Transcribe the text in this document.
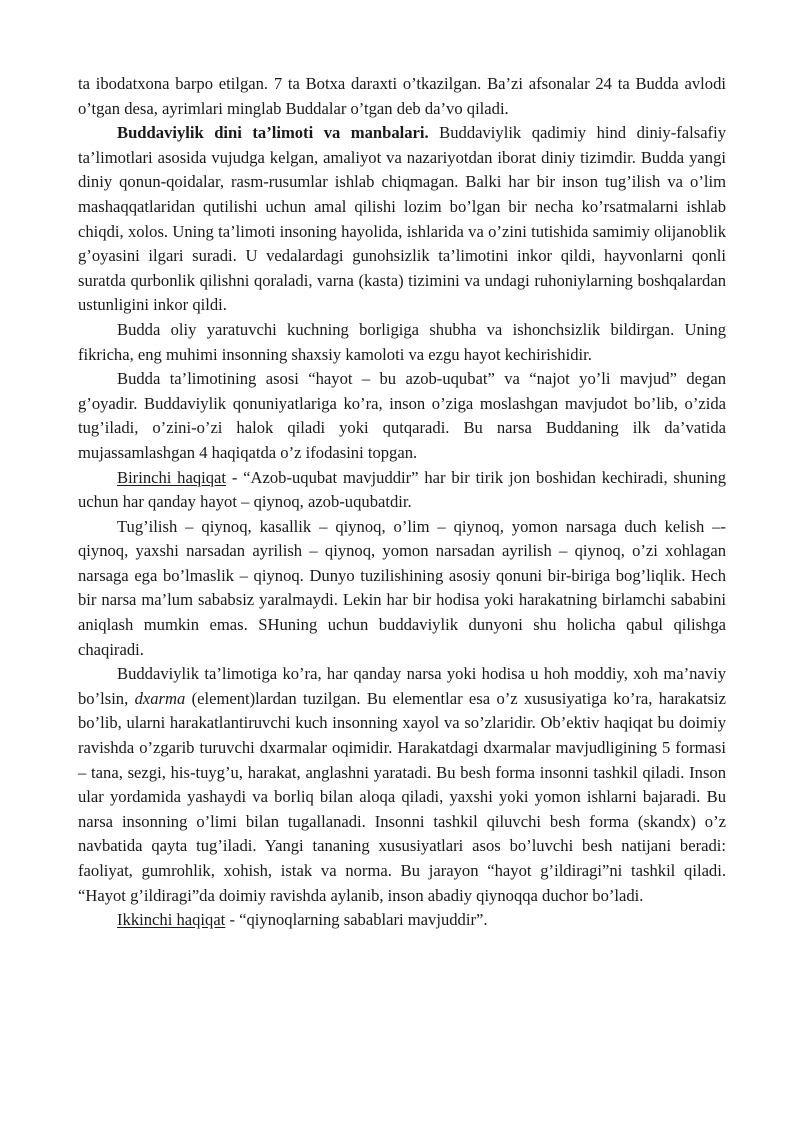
ta ibodatxona barpo etilgan. 7 ta Botxa daraxti o’tkazilgan. Ba’zi afsonalar 24 ta Budda avlodi o’tgan desa, ayrimlari minglab Buddalar o’tgan deb da’vo qiladi.

Buddaviylik dini ta’limoti va manbalari. Buddaviylik qadimiy hind diniy-falsafiy ta’limotlari asosida vujudga kelgan, amaliyot va nazariyotdan iborat diniy tizimdir. Budda yangi diniy qonun-qoidalar, rasm-rusumlar ishlab chiqmagan. Balki har bir inson tug’ilish va o’lim mashaqqatlaridan qutilishi uchun amal qilishi lozim bo’lgan bir necha ko’rsatmalarni ishlab chiqdi, xolos. Uning ta’limoti insoning hayolida, ishlarida va o’zini tutishida samimiy olijanoblik g’oyasini ilgari suradi. U vedalardagi gunohsizlik ta’limotini inkor qildi, hayvonlarni qonli suratda qurbonlik qilishni qoraladi, varna (kasta) tizimini va undagi ruhoniylarning boshqalardan ustunligini inkor qildi.

Budda oliy yaratuvchi kuchning borligiga shubha va ishonchsizlik bildirgan. Uning fikricha, eng muhimi insonning shaxsiy kamoloti va ezgu hayot kechirishidir.

Budda ta’limotining asosi “hayot – bu azob-uqubat” va “najot yo’li mavjud” degan g’oyadir. Buddaviylik qonuniyatlariga ko’ra, inson o’ziga moslashgan mavjudot bo’lib, o’zida tug’iladi, o’zini-o’zi halok qiladi yoki qutqaradi. Bu narsa Buddaning ilk da’vatida mujassamlashgan 4 haqiqatda o’z ifodasini topgan.

Birinchi haqiqat - “Azob-uqubat mavjuddir” har bir tirik jon boshidan kechiradi, shuning uchun har qanday hayot – qiynoq, azob-uqubatdir.

Tug’ilish – qiynoq, kasallik – qiynoq, o’lim – qiynoq, yomon narsaga duch kelish –- qiynoq, yaxshi narsadan ayrilish – qiynoq, yomon narsadan ayrilish – qiynoq, o’zi xohlagan narsaga ega bo’lmaslik – qiynoq. Dunyo tuzilishining asosiy qonuni bir-biriga bog’liqlik. Hech bir narsa ma’lum sababsiz yaralmaydi. Lekin har bir hodisa yoki harakatning birlamchi sababini aniqlash mumkin emas. SHuning uchun buddaviylik dunyoni shu holicha qabul qilishga chaqiradi.

Buddaviylik ta’limotiga ko’ra, har qanday narsa yoki hodisa u hoh moddiy, xoh ma’naviy bo’lsin, dxarma (element)lardan tuzilgan. Bu elementlar esa o’z xususiyatiga ko’ra, harakatsiz bo’lib, ularni harakatlantiruvchi kuch insonning xayol va so’zlaridir. Ob’ektiv haqiqat bu doimiy ravishda o’zgarib turuvchi dxarmalar oqimidir. Harakatdagi dxarmalar mavjudligining 5 formasi – tana, sezgi, his-tuyg’u, harakat, anglashni yaratadi. Bu besh forma insonni tashkil qiladi. Inson ular yordamida yashaydi va borliq bilan aloqa qiladi, yaxshi yoki yomon ishlarni bajaradi. Bu narsa insonning o’limi bilan tugallanadi. Insonni tashkil qiluvchi besh forma (skandx) o’z navbatida qayta tug’iladi. Yangi tananing xususiyatlari asos bo’luvchi besh natijani beradi: faoliyat, gumrohlik, xohish, istak va norma. Bu jarayon “hayot g’ildiragi”ni tashkil qiladi. “Hayot g’ildiragi”da doimiy ravishda aylanib, inson abadiy qiynoqqa duchor bo’ladi.

Ikkinchi haqiqat - “qiynoqlarning sabablari mavjuddir”.
